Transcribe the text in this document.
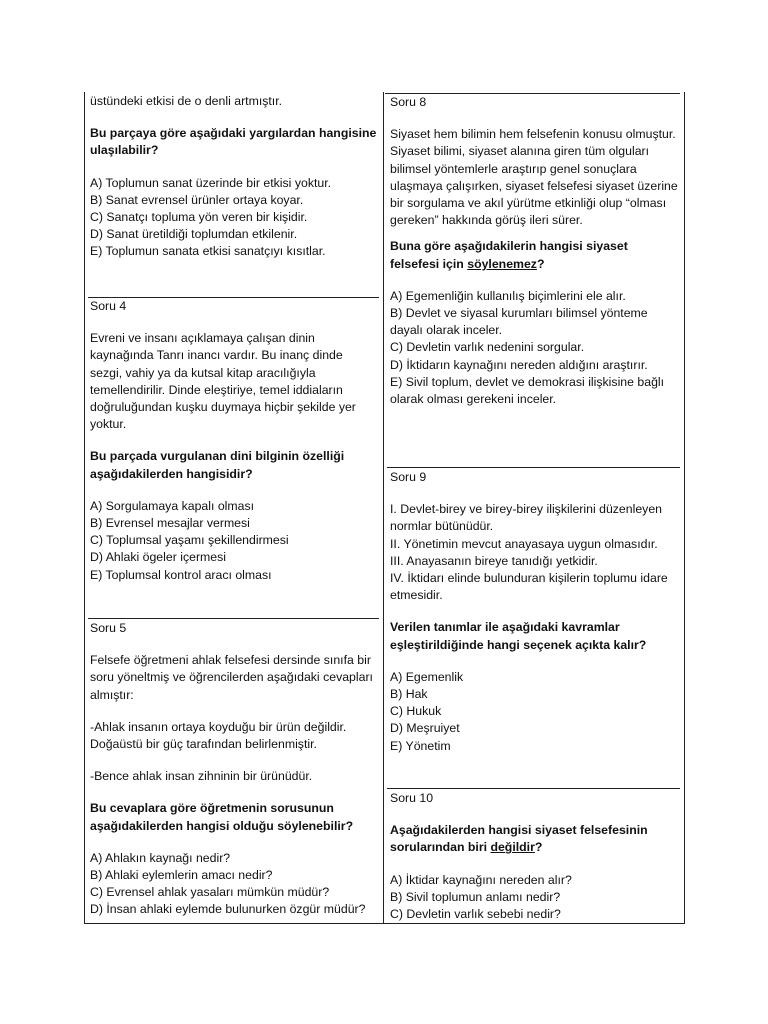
üstündeki etkisi de o denli artmıştır.

Bu parçaya göre aşağıdaki yargılardan hangisine ulaşılabilir?

A) Toplumun sanat üzerinde bir etkisi yoktur.

B) Sanat evrensel ürünler ortaya koyar.

C) Sanatçı topluma yön veren bir kişidir.

D) Sanat üretildiği toplumdan etkilenir.

E) Toplumun sanata etkisi sanatçıyı kısıtlar.

Soru 4

Evreni ve insanı açıklamaya çalışan dinin kaynağında Tanrı inancı vardır. Bu inanç dinde sezgi, vahiy ya da kutsal kitap aracılığıyla temellendirilir. Dinde eleştiriye, temel iddiaların doğruluğundan kuşku duymaya hiçbir şekilde yer yoktur.

Bu parçada vurgulanan dini bilginin özelliği aşağıdakilerden hangisidir?

A) Sorgulamaya kapalı olması

B) Evrensel mesajlar vermesi

C) Toplumsal yaşamı şekillendirmesi

D) Ahlaki ögeler içermesi

E) Toplumsal kontrol aracı olması

Soru 5

Felsefe öğretmeni ahlak felsefesi dersinde sınıfa bir soru yöneltmiş ve öğrencilerden aşağıdaki cevapları almıştır:

-Ahlak insanın ortaya koyduğu bir ürün değildir. Doğaüstü bir güç tarafından belirlenmiştir.

-Bence ahlak insan zihninin bir ürünüdür.

Bu cevaplara göre öğretmenin sorusunun aşağıdakilerden hangisi olduğu söylenebilir?

A) Ahlakın kaynağı nedir?

B) Ahlaki eylemlerin amacı nedir?

C) Evrensel ahlak yasaları mümkün müdür?

D) İnsan ahlaki eylemde bulunurken özgür müdür?

Soru 8

Siyaset hem bilimin hem felsefenin konusu olmuştur. Siyaset bilimi, siyaset alanına giren tüm olguları bilimsel yöntemlerle araştırıp genel sonuçlara ulaşmaya çalışırken, siyaset felsefesi siyaset üzerine bir sorgulama ve akıl yürütme etkinliği olup “olması gereken” hakkında görüş ileri sürer.

Buna göre aşağıdakilerin hangisi siyaset felsefesi için söylenemez?

A) Egemenliğin kullanılış biçimlerini ele alır.

B) Devlet ve siyasal kurumları bilimsel yönteme dayalı olarak inceler.

C) Devletin varlık nedenini sorgular.

D) İktidarın kaynağını nereden aldığını araştırır.

E) Sivil toplum, devlet ve demokrasi ilişkisine bağlı olarak olması gerekeni inceler.

Soru 9

I. Devlet-birey ve birey-birey ilişkilerini düzenleyen normlar bütünüdür.

II. Yönetimin mevcut anayasaya uygun olmasıdır.

III. Anayasanın bireye tanıdığı yetkidir.

IV. İktidarı elinde bulunduran kişilerin toplumu idare etmesidir.

Verilen tanımlar ile aşağıdaki kavramlar eşleştirildiğinde hangi seçenek açıkta kalır?

A) Egemenlik

B) Hak

C) Hukuk

D) Meşruiyet

E) Yönetim

Soru 10

Aşağıdakilerden hangisi siyaset felsefesinin sorularından biri değildir?

A) İktidar kaynağını nereden alır?

B) Sivil toplumun anlamı nedir?

C) Devletin varlık sebebi nedir?
